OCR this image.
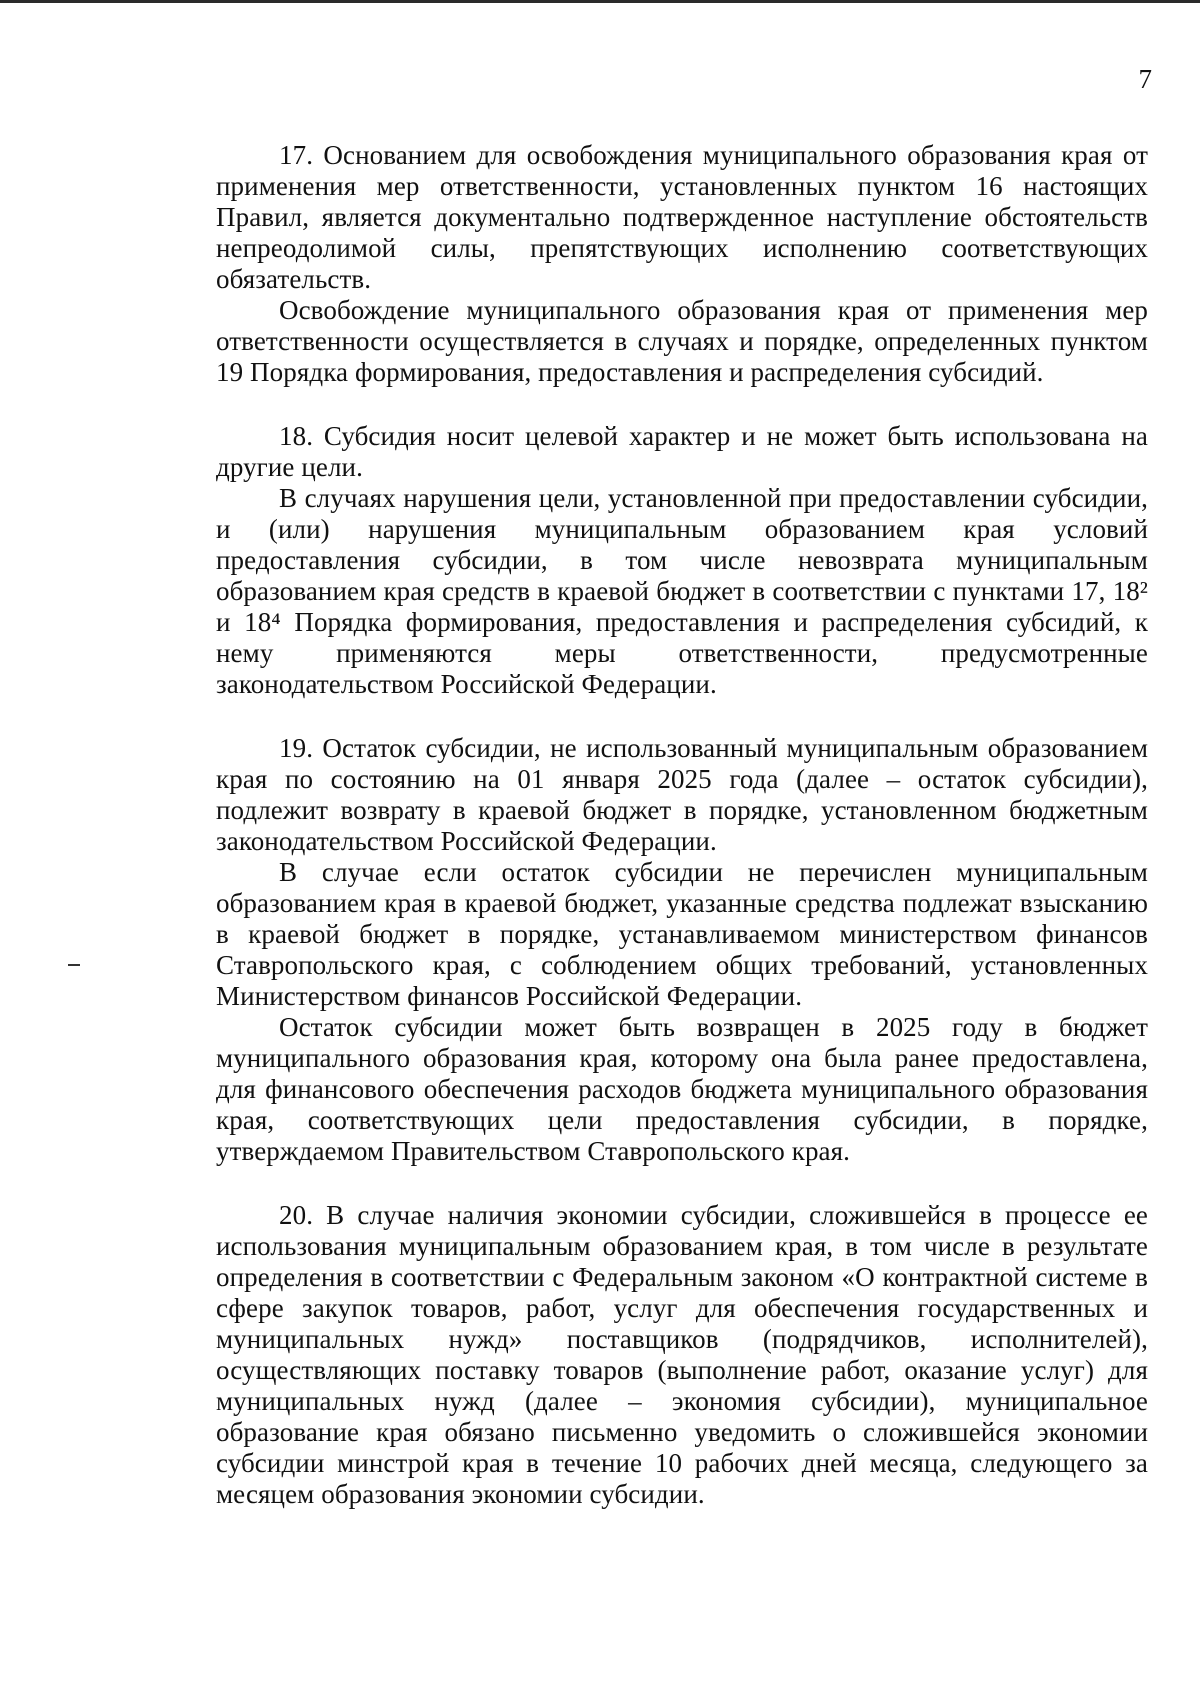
7

17. Основанием для освобождения муниципального образования края от применения мер ответственности, установленных пунктом 16 настоящих Правил, является документально подтвержденное наступление обстоятельств непреодолимой силы, препятствующих исполнению соответствующих обязательств.

Освобождение муниципального образования края от применения мер ответственности осуществляется в случаях и порядке, определенных пунктом 19 Порядка формирования, предоставления и распределения субсидий.

18. Субсидия носит целевой характер и не может быть использована на другие цели.

В случаях нарушения цели, установленной при предоставлении субсидии, и (или) нарушения муниципальным образованием края условий предоставления субсидии, в том числе невозврата муниципальным образованием края средств в краевой бюджет в соответствии с пунктами 17, 18² и 18⁴ Порядка формирования, предоставления и распределения субсидий, к нему применяются меры ответственности, предусмотренные законодательством Российской Федерации.

19. Остаток субсидии, не использованный муниципальным образованием края по состоянию на 01 января 2025 года (далее – остаток субсидии), подлежит возврату в краевой бюджет в порядке, установленном бюджетным законодательством Российской Федерации.

В случае если остаток субсидии не перечислен муниципальным образованием края в краевой бюджет, указанные средства подлежат взысканию в краевой бюджет в порядке, устанавливаемом министерством финансов Ставропольского края, с соблюдением общих требований, установленных Министерством финансов Российской Федерации.

Остаток субсидии может быть возвращен в 2025 году в бюджет муниципального образования края, которому она была ранее предоставлена, для финансового обеспечения расходов бюджета муниципального образования края, соответствующих цели предоставления субсидии, в порядке, утверждаемом Правительством Ставропольского края.

20. В случае наличия экономии субсидии, сложившейся в процессе ее использования муниципальным образованием края, в том числе в результате определения в соответствии с Федеральным законом «О контрактной системе в сфере закупок товаров, работ, услуг для обеспечения государственных и муниципальных нужд» поставщиков (подрядчиков, исполнителей), осуществляющих поставку товаров (выполнение работ, оказание услуг) для муниципальных нужд (далее – экономия субсидии), муниципальное образование края обязано письменно уведомить о сложившейся экономии субсидии минстрой края в течение 10 рабочих дней месяца, следующего за месяцем образования экономии субсидии.
